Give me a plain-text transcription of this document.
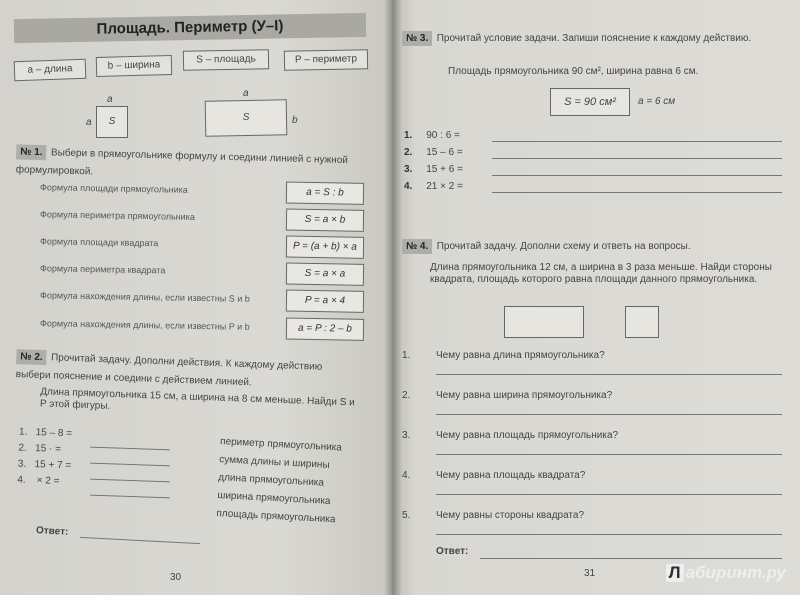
Площадь. Периметр (У–I)
a – длина	b – ширина	S – площадь	P – периметр
a
a	S
a
b
S
№ 1. Выбери в прямоугольнике формулу и соедини линией с нужной формулировкой.
Формула площади прямоугольника	a = S : b
Формула периметра прямоугольника	S = a × b
Формула площади квадрата	P = (a + b) × a
Формула периметра квадрата	S = a × a
Формула нахождения длины, если известны S и b	P = a × 4
Формула нахождения длины, если известны P и b	a = P : 2 – b
№ 2. Прочитай задачу. Дополни действия. К каждому действию выбери пояснение и соедини с действием линией.
Длина прямоугольника 15 см, а ширина на 8 см меньше. Найди S и P этой фигуры.
1. 15 – 8 =
2. 15 · =
3. 15 + 7 =
4.    × 2 =
периметр прямоугольника
сумма длины и ширины
длина прямоугольника
ширина прямоугольника
площадь прямоугольника
Ответ:
30
№ 3. Прочитай условие задачи. Запиши пояснение к каждому действию.
Площадь прямоугольника 90 см², ширина равна 6 см.
S = 90 см²	a = 6 см
1. 90 : 6 =
2. 15 – 6 =
3. 15 + 6 =
4. 21 × 2 =
№ 4. Прочитай задачу. Дополни схему и ответь на вопросы.
Длина прямоугольника 12 см, а ширина в 3 раза меньше. Найди стороны квадрата, площадь которого равна площади данного прямоугольника.
1.	Чему равна длина прямоугольника?
2.	Чему равна ширина прямоугольника?
3.	Чему равна площадь прямоугольника?
4.	Чему равна площадь квадрата?
5.	Чему равны стороны квадрата?
Ответ:
31	Л абиринт.ру
